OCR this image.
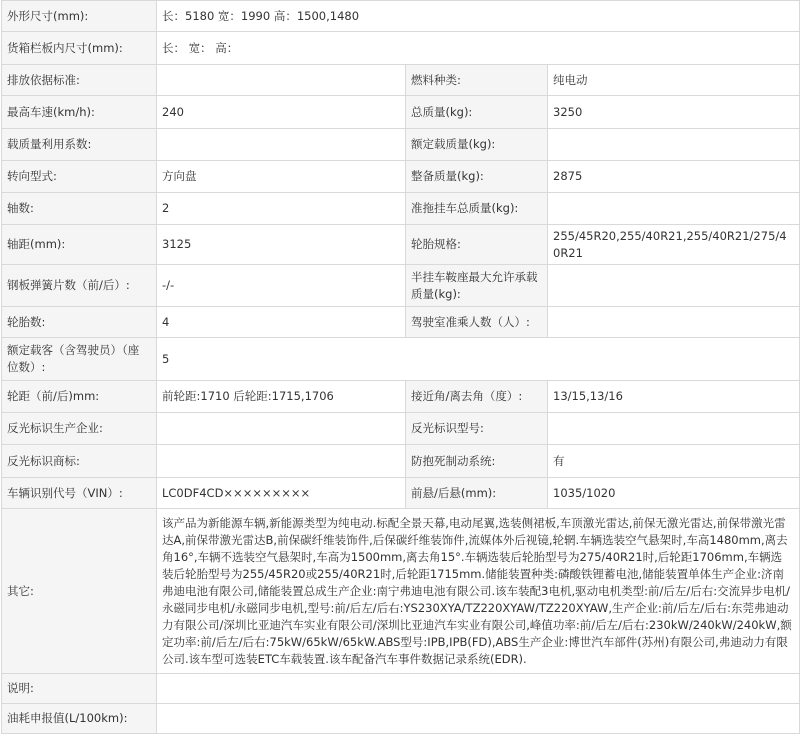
外形尺寸(mm):	长：5180 宽：1990 高：1500,1480		
货箱栏板内尺寸(mm):	长： 宽： 高：		
排放依据标准:		燃料种类:	纯电动
最高车速(km/h):	240	总质量(kg):	3250
载质量利用系数:		额定载质量(kg):	
转向型式:	方向盘	整备质量(kg):	2875
轴数:	2	准拖挂车总质量(kg):	
轴距(mm):	3125	轮胎规格:	255/45R20,255/40R21,255/40R21/275/40R21
钢板弹簧片数（前/后）:	-/-	半挂车鞍座最大允许承载质量(kg):	
轮胎数:	4	驾驶室准乘人数（人）:	
额定载客（含驾驶员）（座位数）:	5		
轮距（前/后)mm:	前轮距:1710 后轮距:1715,1706	接近角/离去角（度）:	13/15,13/16
反光标识生产企业:		反光标识型号:	
反光标识商标:		防抱死制动系统:	有
车辆识别代号（VIN）:	LC0DF4CD×××××××××	前悬/后悬(mm):	1035/1020
其它:	该产品为新能源车辆,新能源类型为纯电动.标配全景天幕,电动尾翼,选装侧裙板,车顶激光雷达,前保无激光雷达,前保带激光雷达A,前保带激光雷达B,前保碳纤维装饰件,后保碳纤维装饰件,流媒体外后视镜,轮辋.车辆选装空气悬架时,车高1480mm,离去角16°,车辆不选装空气悬架时,车高为1500mm,离去角15°.车辆选装后轮胎型号为275/40R21时,后轮距1706mm,车辆选装后轮胎型号为255/45R20或255/40R21时,后轮距1715mm.储能装置种类:磷酸铁锂蓄电池,储能装置单体生产企业:济南弗迪电池有限公司,储能装置总成生产企业:南宁弗迪电池有限公司.该车装配3电机,驱动电机类型:前/后左/后右:交流异步电机/永磁同步电机/永磁同步电机,型号:前/后左/后右:YS230XYA/TZ220XYAW/TZ220XYAW,生产企业:前/后左/后右:东莞弗迪动力有限公司/深圳比亚迪汽车实业有限公司/深圳比亚迪汽车实业有限公司,峰值功率:前/后左/后右:230kW/240kW/240kW,额定功率:前/后左/后右:75kW/65kW/65kW.ABS型号:IPB,IPB(FD),ABS生产企业:博世汽车部件(苏州)有限公司,弗迪动力有限公司.该车型可选装ETC车载装置.该车配备汽车事件数据记录系统(EDR).		
说明:			
油耗申报值(L/100km):			
